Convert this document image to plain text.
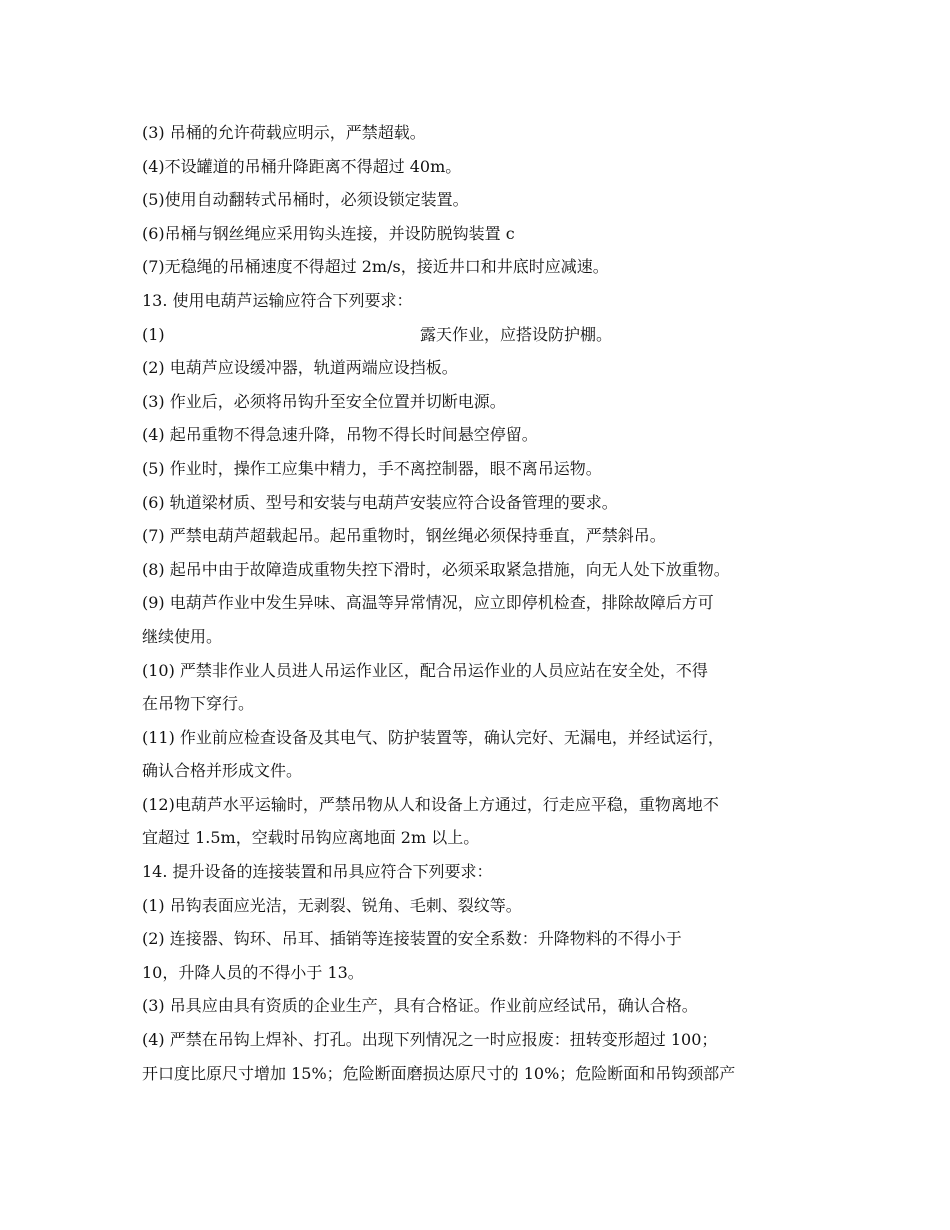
(3) 吊桶的允许荷载应明示，严禁超载。
(4)不设罐道的吊桶升降距离不得超过 40m。
(5)使用自动翻转式吊桶时，必须设锁定装置。
(6)吊桶与钢丝绳应采用钩头连接，并设防脱钩装置 c
(7)无稳绳的吊桶速度不得超过 2m/s，接近井口和井底时应减速。
13. 使用电葫芦运输应符合下列要求：
(1)	露天作业，应搭设防护棚。
(2) 电葫芦应设缓冲器，轨道两端应设挡板。
(3) 作业后，必须将吊钩升至安全位置并切断电源。
(4) 起吊重物不得急速升降，吊物不得长时间悬空停留。
(5) 作业时，操作工应集中精力，手不离控制器，眼不离吊运物。
(6) 轨道梁材质、型号和安装与电葫芦安装应符合设备管理的要求。
(7) 严禁电葫芦超载起吊。起吊重物时，钢丝绳必须保持垂直，严禁斜吊。
(8) 起吊中由于故障造成重物失控下滑时，必须采取紧急措施，向无人处下放重物。
(9) 电葫芦作业中发生异味、高温等异常情况，应立即停机检查，排除故障后方可
继续使用。
(10) 严禁非作业人员进人吊运作业区，配合吊运作业的人员应站在安全处，不得
在吊物下穿行。
(11) 作业前应检查设备及其电气、防护装置等，确认完好、无漏电，并经试运行，
确认合格并形成文件。
(12)电葫芦水平运输时，严禁吊物从人和设备上方通过，行走应平稳，重物离地不
宜超过 1.5m，空载时吊钩应离地面 2m 以上。
14. 提升设备的连接装置和吊具应符合下列要求：
(1) 吊钩表面应光洁，无剥裂、锐角、毛刺、裂纹等。
(2) 连接器、钩环、吊耳、插销等连接装置的安全系数：升降物料的不得小于
10，升降人员的不得小于 13。
(3) 吊具应由具有资质的企业生产，具有合格证。作业前应经试吊，确认合格。
(4) 严禁在吊钩上焊补、打孔。出现下列情况之一时应报废：扭转变形超过 100；
开口度比原尺寸增加 15%；危险断面磨损达原尺寸的 10%；危险断面和吊钩颈部产
